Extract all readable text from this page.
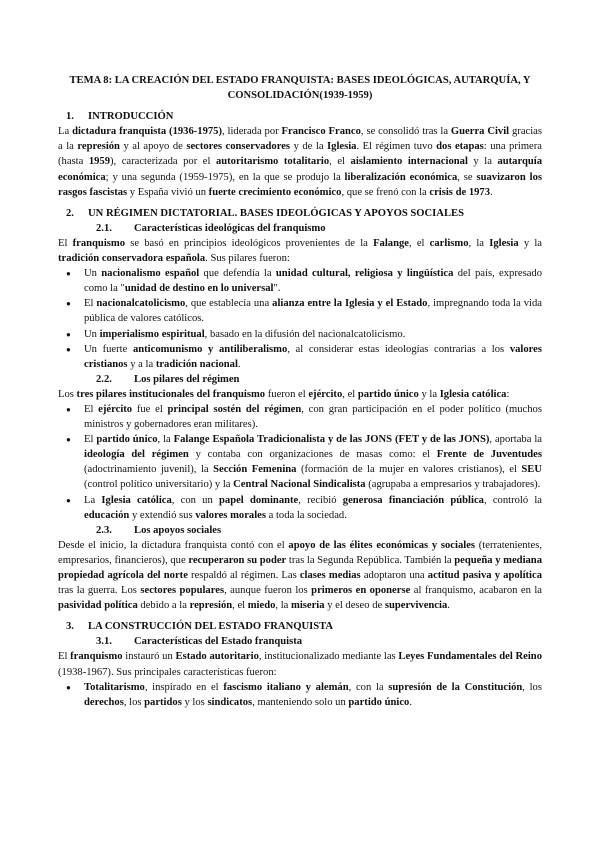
TEMA 8: LA CREACIÓN DEL ESTADO FRANQUISTA: BASES IDEOLÓGICAS, AUTARQUÍA, Y
CONSOLIDACIÓN(1939-1959)

1. INTRODUCCIÓN

La dictadura franquista (1936-1975), liderada por Francisco Franco, se consolidó tras la Guerra Civil gracias a la represión y al apoyo de sectores conservadores y de la Iglesia. El régimen tuvo dos etapas: una primera (hasta 1959), caracterizada por el autoritarismo totalitario, el aislamiento internacional y la autarquía económica; y una segunda (1959-1975), en la que se produjo la liberalización económica, se suavizaron los rasgos fascistas y España vivió un fuerte crecimiento económico, que se frenó con la crisis de 1973.

2. UN RÉGIMEN DICTATORIAL. BASES IDEOLÓGICAS Y APOYOS SOCIALES
2.1. Características ideológicas del franquismo

El franquismo se basó en principios ideológicos provenientes de la Falange, el carlismo, la Iglesia y la tradición conservadora española. Sus pilares fueron:

● Un nacionalismo español que defendía la unidad cultural, religiosa y lingüística del país, expresado como la "unidad de destino en lo universal".
● El nacionalcatolicismo, que establecía una alianza entre la Iglesia y el Estado, impregnando toda la vida pública de valores católicos.
● Un imperialismo espiritual, basado en la difusión del nacionalcatolicismo.
● Un fuerte anticomunismo y antiliberalismo, al considerar estas ideologías contrarias a los valores cristianos y a la tradición nacional.
2.2. Los pilares del régimen

Los tres pilares institucionales del franquismo fueron el ejército, el partido único y la Iglesia católica:

● El ejército fue el principal sostén del régimen, con gran participación en el poder político (muchos ministros y gobernadores eran militares).
● El partido único, la Falange Española Tradicionalista y de las JONS (FET y de las JONS), aportaba la ideología del régimen y contaba con organizaciones de masas como: el Frente de Juventudes (adoctrinamiento juvenil), la Sección Femenina (formación de la mujer en valores cristianos), el SEU (control político universitario) y la Central Nacional Sindicalista (agrupaba a empresarios y trabajadores).
● La Iglesia católica, con un papel dominante, recibió generosa financiación pública, controló la educación y extendió sus valores morales a toda la sociedad.
2.3. Los apoyos sociales

Desde el inicio, la dictadura franquista contó con el apoyo de las élites económicas y sociales (terratenientes, empresarios, financieros), que recuperaron su poder tras la Segunda República. También la pequeña y mediana propiedad agrícola del norte respaldó al régimen. Las clases medias adoptaron una actitud pasiva y apolítica tras la guerra. Los sectores populares, aunque fueron los primeros en oponerse al franquismo, acabaron en la pasividad política debido a la represión, el miedo, la miseria y el deseo de supervivencia.

3. LA CONSTRUCCIÓN DEL ESTADO FRANQUISTA
3.1. Características del Estado franquista

El franquismo instauró un Estado autoritario, institucionalizado mediante las Leyes Fundamentales del Reino (1938-1967). Sus principales características fueron:

● Totalitarismo, inspirado en el fascismo italiano y alemán, con la supresión de la Constitución, los derechos, los partidos y los sindicatos, manteniendo solo un partido único.
